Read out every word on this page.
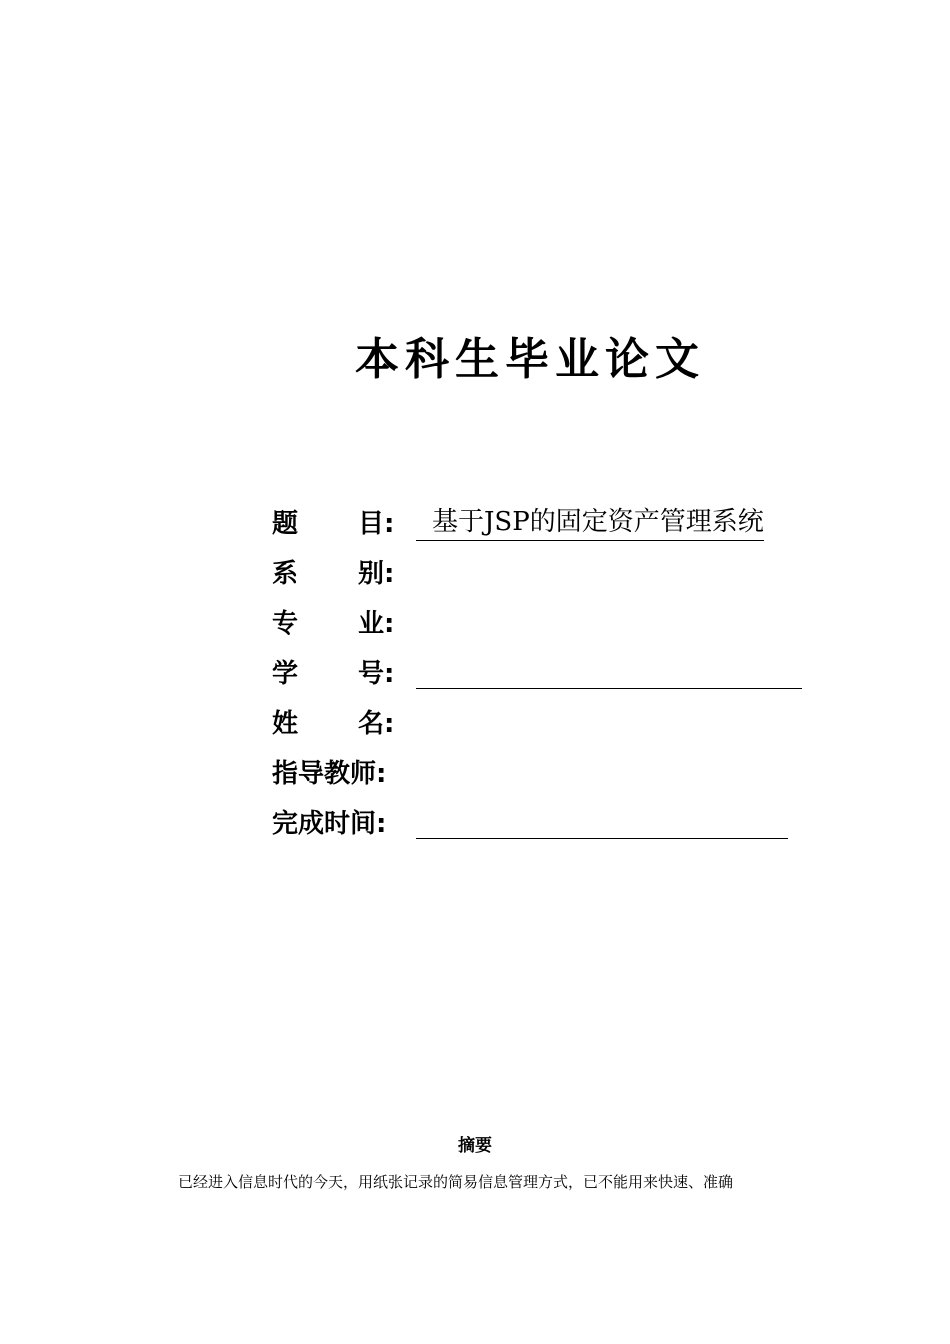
本科生毕业论文
题 目 :	基于JSP的固定资产管理系统
系 别 :
专 业 :
学 号 :
姓 名 :
指导教师:
完成时间:
摘要
已经进入信息时代的今天，用纸张记录的简易信息管理方式，已不能用来快速、准确
